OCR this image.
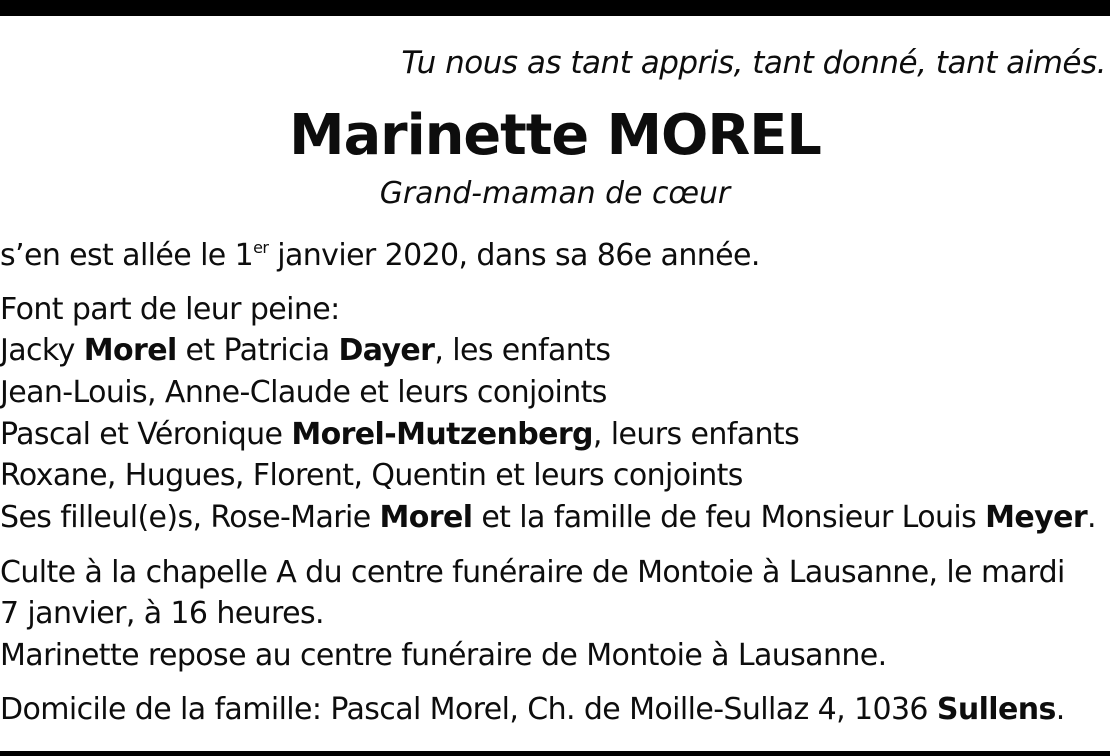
Tu nous as tant appris, tant donné, tant aimés.
Marinette MOREL
Grand-maman de cœur
s’en est allée le 1er janvier 2020, dans sa 86e année.
Font part de leur peine:
Jacky Morel et Patricia Dayer, les enfants
Jean-Louis, Anne-Claude et leurs conjoints
Pascal et Véronique Morel-Mutzenberg, leurs enfants
Roxane, Hugues, Florent, Quentin et leurs conjoints
Ses filleul(e)s, Rose-Marie Morel et la famille de feu Monsieur Louis Meyer.
Culte à la chapelle A du centre funéraire de Montoie à Lausanne, le mardi
7 janvier, à 16 heures.
Marinette repose au centre funéraire de Montoie à Lausanne.
Domicile de la famille: Pascal Morel, Ch. de Moille-Sullaz 4, 1036 Sullens.
